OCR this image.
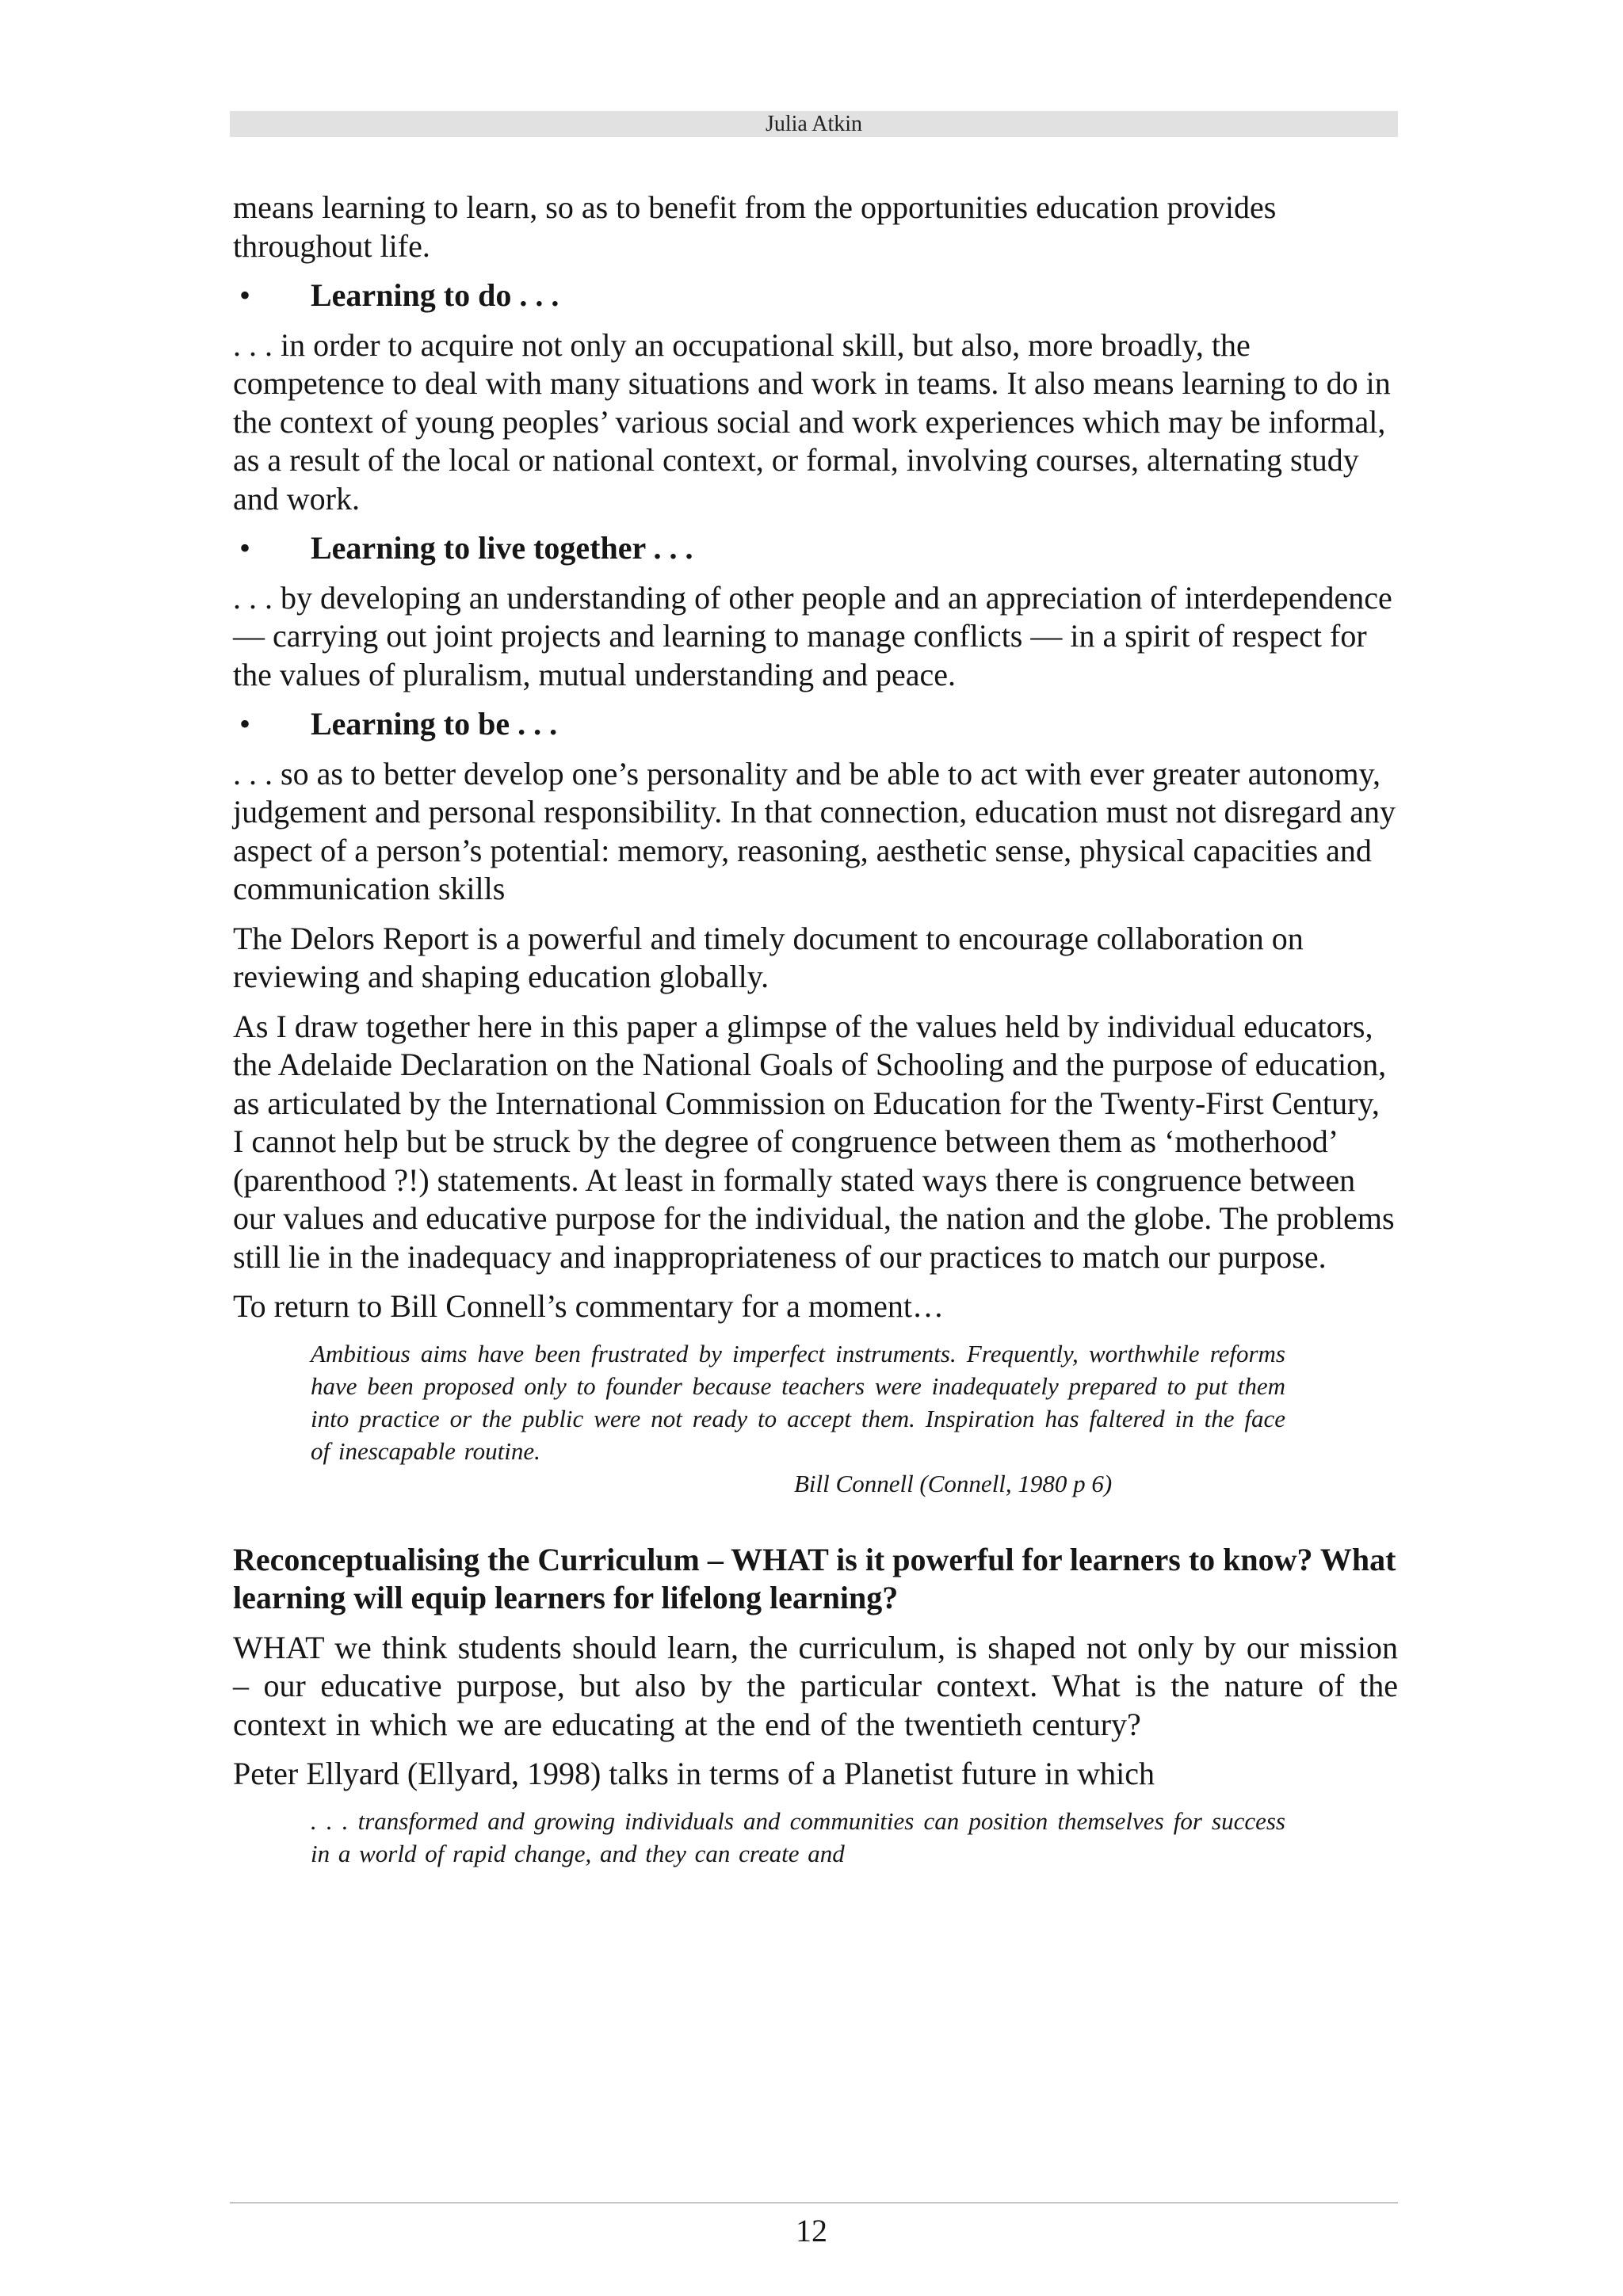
Julia Atkin

means learning to learn, so as to benefit from the opportunities education provides throughout life.

• Learning to do . . .

. . . in order to acquire not only an occupational skill, but also, more broadly, the competence to deal with many situations and work in teams. It also means learning to do in the context of young peoples’ various social and work experiences which may be informal, as a result of the local or national context, or formal, involving courses, alternating study and work.

• Learning to live together . . .

. . . by developing an understanding of other people and an appreciation of interdependence — carrying out joint projects and learning to manage conflicts — in a spirit of respect for the values of pluralism, mutual understanding and peace.

• Learning to be . . .

. . . so as to better develop one’s personality and be able to act with ever greater autonomy, judgement and personal responsibility. In that connection, education must not disregard any aspect of a person’s potential: memory, reasoning, aesthetic sense, physical capacities and communication skills

The Delors Report is a powerful and timely document to encourage collaboration on reviewing and shaping education globally.

As I draw together here in this paper a glimpse of the values held by individual educators, the Adelaide Declaration on the National Goals of Schooling and the purpose of education, as articulated by the International Commission on Education for the Twenty-First Century, I cannot help but be struck by the degree of congruence between them as ‘motherhood’ (parenthood ?!) statements. At least in formally stated ways there is congruence between our values and educative purpose for the individual, the nation and the globe. The problems still lie in the inadequacy and inappropriateness of our practices to match our purpose.

To return to Bill Connell’s commentary for a moment…

Ambitious aims have been frustrated by imperfect instruments. Frequently, worthwhile reforms have been proposed only to founder because teachers were inadequately prepared to put them into practice or the public were not ready to accept them. Inspiration has faltered in the face of inescapable routine.
Bill Connell (Connell, 1980 p 6)
Reconceptualising the Curriculum – WHAT is it powerful for learners to know? What learning will equip learners for lifelong learning?

WHAT we think students should learn, the curriculum, is shaped not only by our mission – our educative purpose, but also by the particular context. What is the nature of the context in which we are educating at the end of the twentieth century?

Peter Ellyard (Ellyard, 1998) talks in terms of a Planetist future in which

. . . transformed and growing individuals and communities can position themselves for success in a world of rapid change, and they can create and
12
